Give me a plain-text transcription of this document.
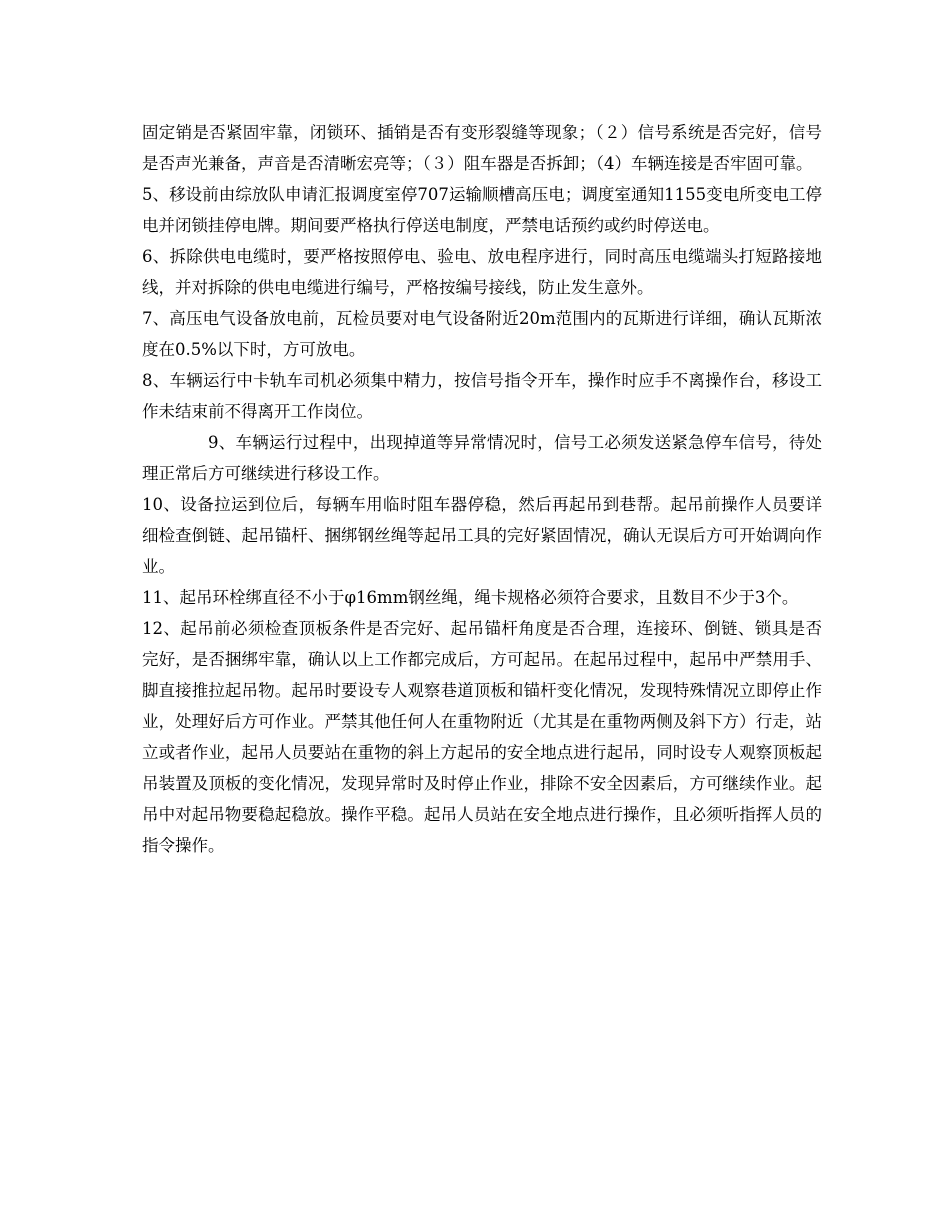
固定销是否紧固牢靠，闭锁环、插销是否有变形裂缝等现象；（２）信号系统是否完好，信号是否声光兼备，声音是否清晰宏亮等；（３）阻车器是否拆卸；（4）车辆连接是否牢固可靠。

5、移设前由综放队申请汇报调度室停707运输顺槽高压电；调度室通知1155变电所变电工停电并闭锁挂停电牌。期间要严格执行停送电制度，严禁电话预约或约时停送电。

6、拆除供电电缆时，要严格按照停电、验电、放电程序进行，同时高压电缆端头打短路接地线，并对拆除的供电电缆进行编号，严格按编号接线，防止发生意外。

7、高压电气设备放电前，瓦检员要对电气设备附近20m范围内的瓦斯进行详细，确认瓦斯浓度在0.5%以下时，方可放电。

8、车辆运行中卡轨车司机必须集中精力，按信号指令开车，操作时应手不离操作台，移设工作未结束前不得离开工作岗位。

9、车辆运行过程中，出现掉道等异常情况时，信号工必须发送紧急停车信号，待处理正常后方可继续进行移设工作。

10、设备拉运到位后，每辆车用临时阻车器停稳，然后再起吊到巷帮。起吊前操作人员要详细检查倒链、起吊锚杆、捆绑钢丝绳等起吊工具的完好紧固情况，确认无误后方可开始调向作业。

11、起吊环栓绑直径不小于φ16mm钢丝绳，绳卡规格必须符合要求，且数目不少于3个。

12、起吊前必须检查顶板条件是否完好、起吊锚杆角度是否合理，连接环、倒链、锁具是否完好，是否捆绑牢靠，确认以上工作都完成后，方可起吊。在起吊过程中，起吊中严禁用手、脚直接推拉起吊物。起吊时要设专人观察巷道顶板和锚杆变化情况，发现特殊情况立即停止作业，处理好后方可作业。严禁其他任何人在重物附近（尤其是在重物两侧及斜下方）行走，站立或者作业，起吊人员要站在重物的斜上方起吊的安全地点进行起吊，同时设专人观察顶板起吊装置及顶板的变化情况，发现异常时及时停止作业，排除不安全因素后，方可继续作业。起吊中对起吊物要稳起稳放。操作平稳。起吊人员站在安全地点进行操作，且必须听指挥人员的指令操作。
